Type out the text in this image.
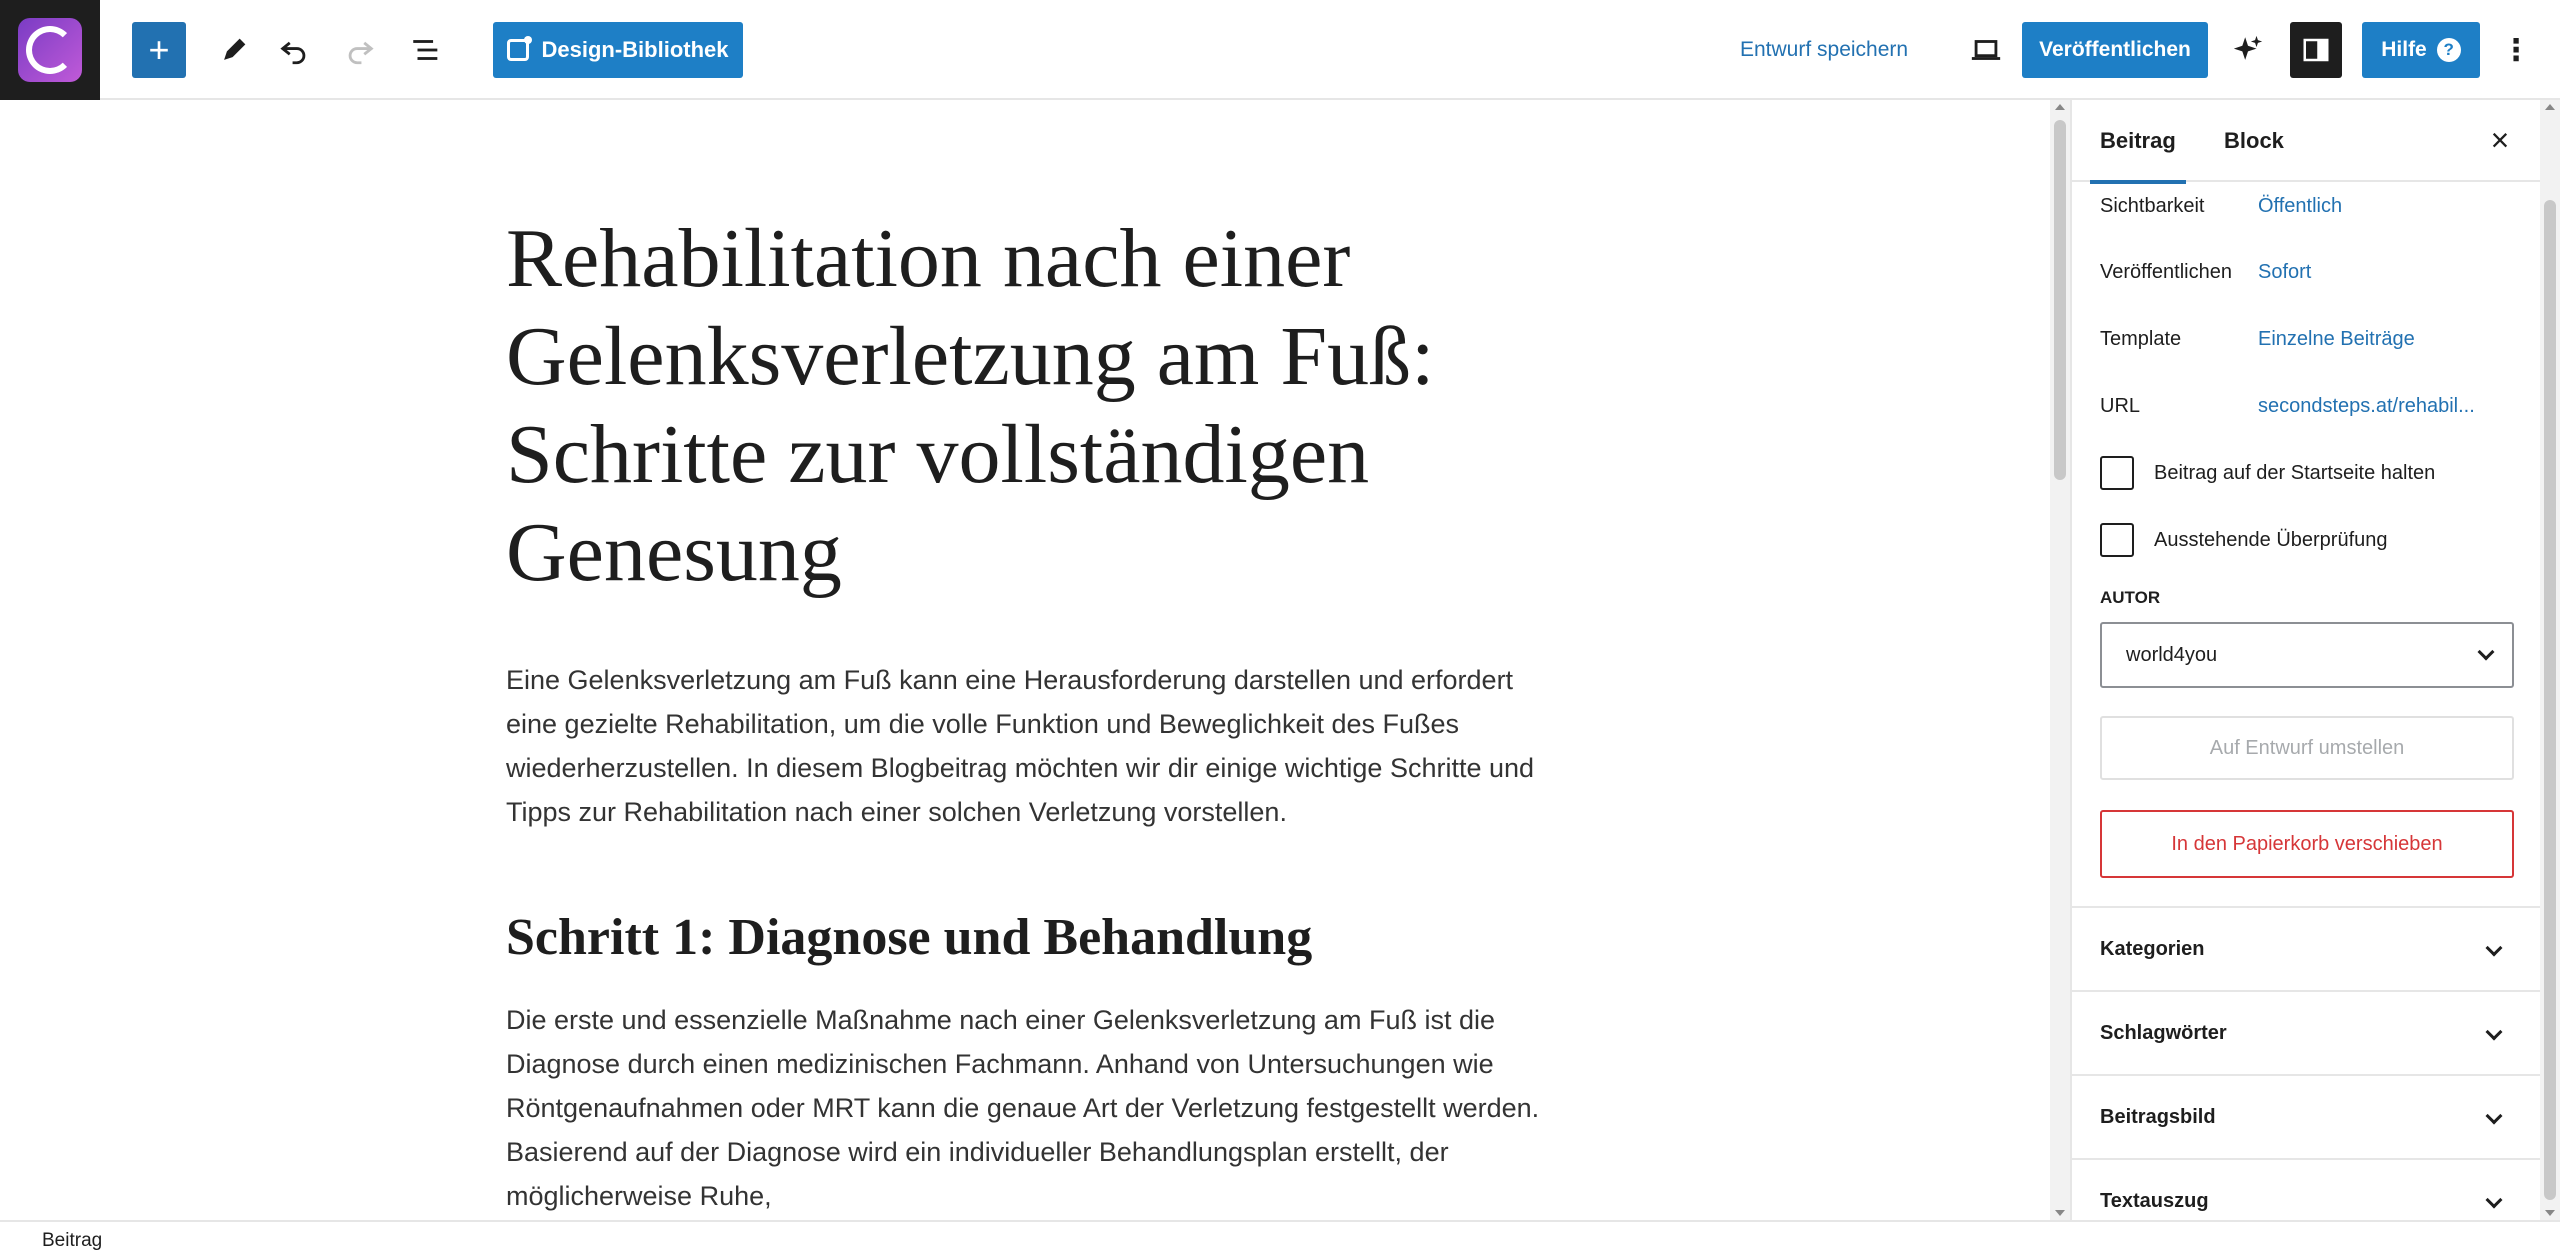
+	Design-Bibliothek	Entwurf speichern	Veröffentlichen	Hilfe ? ⋮
Rehabilitation nach einer Gelenksverletzung am Fuß: Schritte zur vollständigen Genesung

Eine Gelenksverletzung am Fuß kann eine Herausforderung darstellen und erfordert eine gezielte Rehabilitation, um die volle Funktion und Beweglichkeit des Fußes wiederherzustellen. In diesem Blogbeitrag möchten wir dir einige wichtige Schritte und Tipps zur Rehabilitation nach einer solchen Verletzung vorstellen.

Schritt 1: Diagnose und Behandlung

Die erste und essenzielle Maßnahme nach einer Gelenksverletzung am Fuß ist die Diagnose durch einen medizinischen Fachmann. Anhand von Untersuchungen wie Röntgenaufnahmen oder MRT kann die genaue Art der Verletzung festgestellt werden. Basierend auf der Diagnose wird ein individueller Behandlungsplan erstellt, der möglicherweise Ruhe,

Beitrag Block	×
Sichtbarkeit	Öffentlich
Veröffentlichen	Sofort
Template	Einzelne Beiträge
URL	secondsteps.at/rehabil...
Beitrag auf der Startseite halten
Ausstehende Überprüfung
AUTOR
world4you
Auf Entwurf umstellen
In den Papierkorb verschieben
Kategorien
Schlagwörter
Beitragsbild
Textauszug
Beitrag
